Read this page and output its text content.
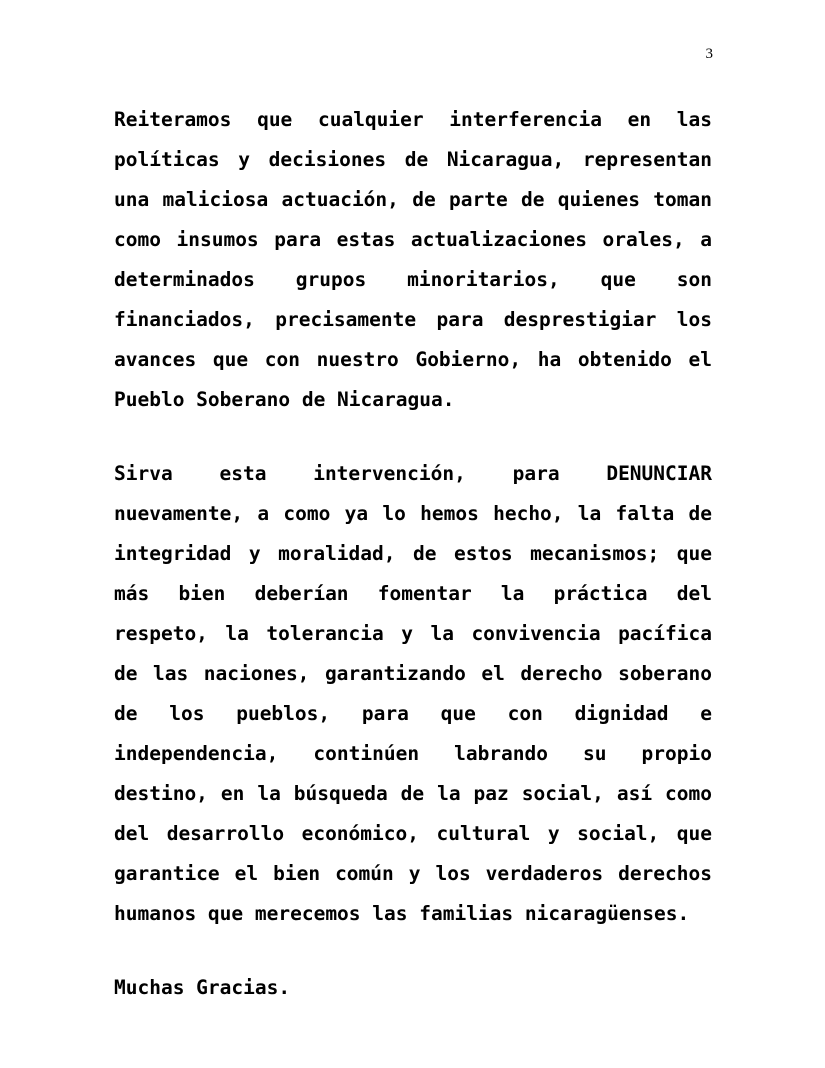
3

Reiteramos que cualquier interferencia en las políticas y decisiones de Nicaragua, representan una maliciosa actuación, de parte de quienes toman como insumos para estas actualizaciones orales, a determinados grupos minoritarios, que son financiados, precisamente para desprestigiar los avances que con nuestro Gobierno, ha obtenido el Pueblo Soberano de Nicaragua.

Sirva esta intervención, para DENUNCIAR nuevamente, a como ya lo hemos hecho, la falta de integridad y moralidad, de estos mecanismos; que más bien deberían fomentar la práctica del respeto, la tolerancia y la convivencia pacífica de las naciones, garantizando el derecho soberano de los pueblos, para que con dignidad e independencia, continúen labrando su propio destino, en la búsqueda de la paz social, así como del desarrollo económico, cultural y social, que garantice el bien común y los verdaderos derechos humanos que merecemos las familias nicaragüenses.

Muchas Gracias.
